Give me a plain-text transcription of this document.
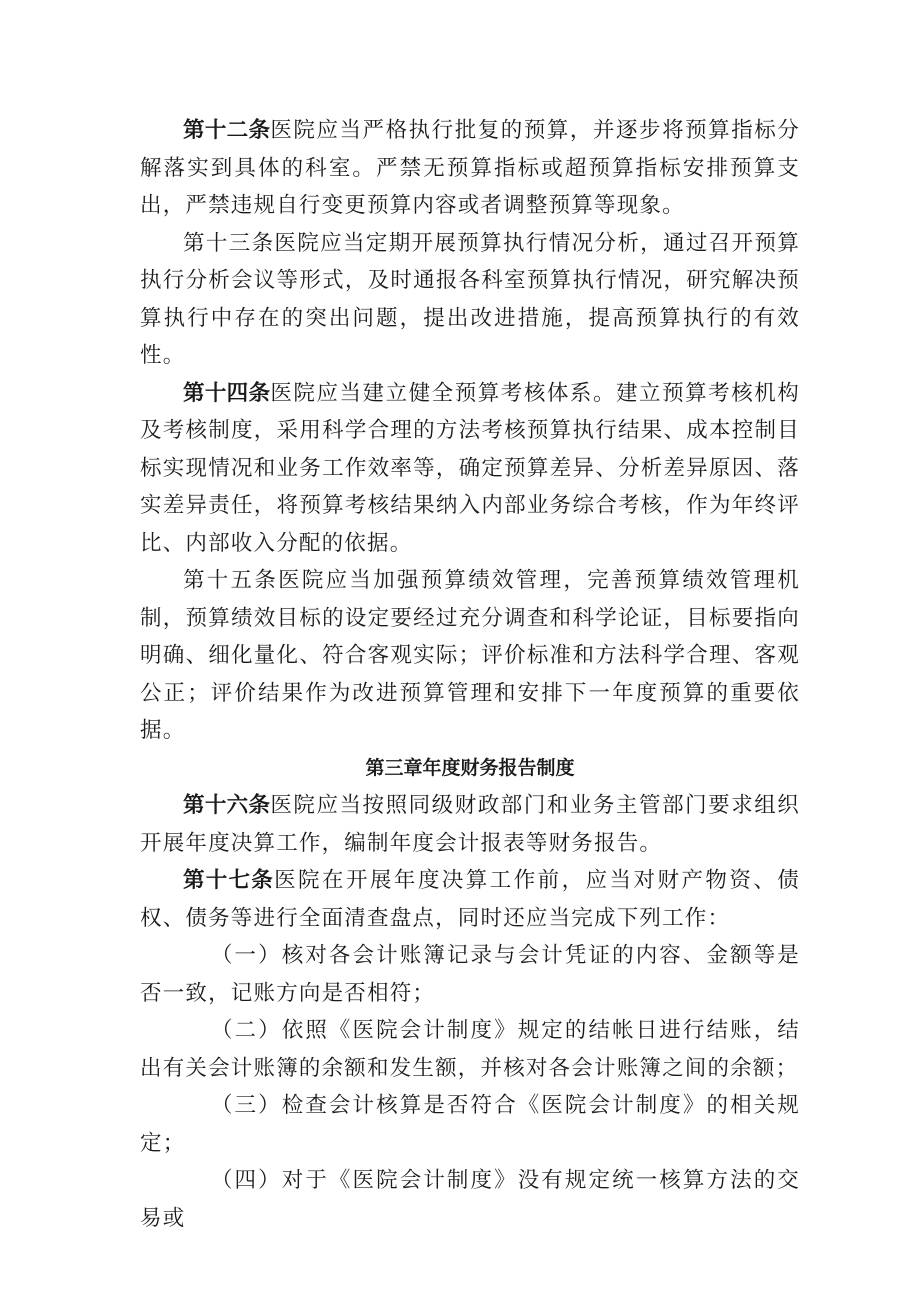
第十二条医院应当严格执行批复的预算，并逐步将预算指标分解落实到具体的科室。严禁无预算指标或超预算指标安排预算支出，严禁违规自行变更预算内容或者调整预算等现象。

第十三条医院应当定期开展预算执行情况分析，通过召开预算执行分析会议等形式，及时通报各科室预算执行情况，研究解决预算执行中存在的突出问题，提出改进措施，提高预算执行的有效性。

第十四条医院应当建立健全预算考核体系。建立预算考核机构及考核制度，采用科学合理的方法考核预算执行结果、成本控制目标实现情况和业务工作效率等，确定预算差异、分析差异原因、落实差异责任，将预算考核结果纳入内部业务综合考核，作为年终评比、内部收入分配的依据。

第十五条医院应当加强预算绩效管理，完善预算绩效管理机制，预算绩效目标的设定要经过充分调查和科学论证，目标要指向明确、细化量化、符合客观实际；评价标准和方法科学合理、客观公正；评价结果作为改进预算管理和安排下一年度预算的重要依据。

第三章年度财务报告制度

第十六条医院应当按照同级财政部门和业务主管部门要求组织开展年度决算工作，编制年度会计报表等财务报告。

第十七条医院在开展年度决算工作前，应当对财产物资、债权、债务等进行全面清查盘点，同时还应当完成下列工作：

（一）核对各会计账簿记录与会计凭证的内容、金额等是否一致，记账方向是否相符；

（二）依照《医院会计制度》规定的结帐日进行结账，结出有关会计账簿的余额和发生额，并核对各会计账簿之间的余额；

（三）检查会计核算是否符合《医院会计制度》的相关规定；

（四）对于《医院会计制度》没有规定统一核算方法的交易或
